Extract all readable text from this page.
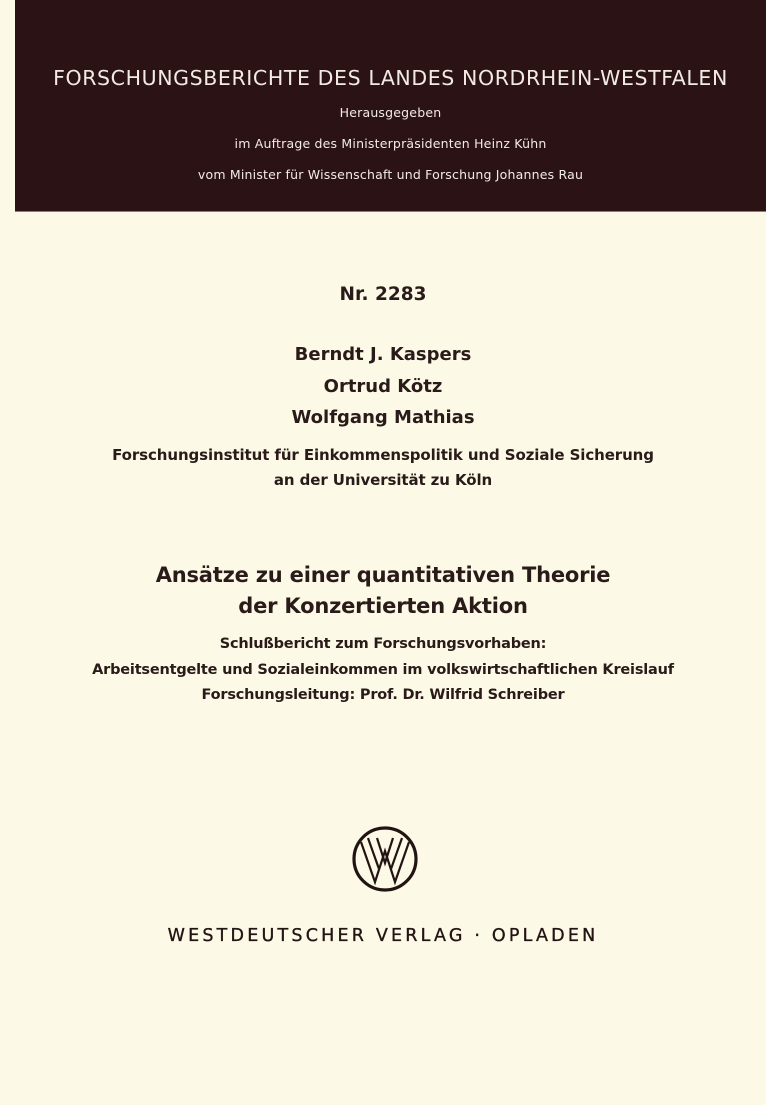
FORSCHUNGSBERICHTE DES LANDES NORDRHEIN-WESTFALEN
Herausgegeben
im Auftrage des Ministerpräsidenten Heinz Kühn
vom Minister für Wissenschaft und Forschung Johannes Rau
Nr. 2283
Berndt J. Kaspers
Ortrud Kötz
Wolfgang Mathias
Forschungsinstitut für Einkommenspolitik und Soziale Sicherung
an der Universität zu Köln
Ansätze zu einer quantitativen Theorie
der Konzertierten Aktion
Schlußbericht zum Forschungsvorhaben:
Arbeitsentgelte und Sozialeinkommen im volkswirtschaftlichen Kreislauf
Forschungsleitung: Prof. Dr. Wilfrid Schreiber
WESTDEUTSCHER VERLAG · OPLADEN
